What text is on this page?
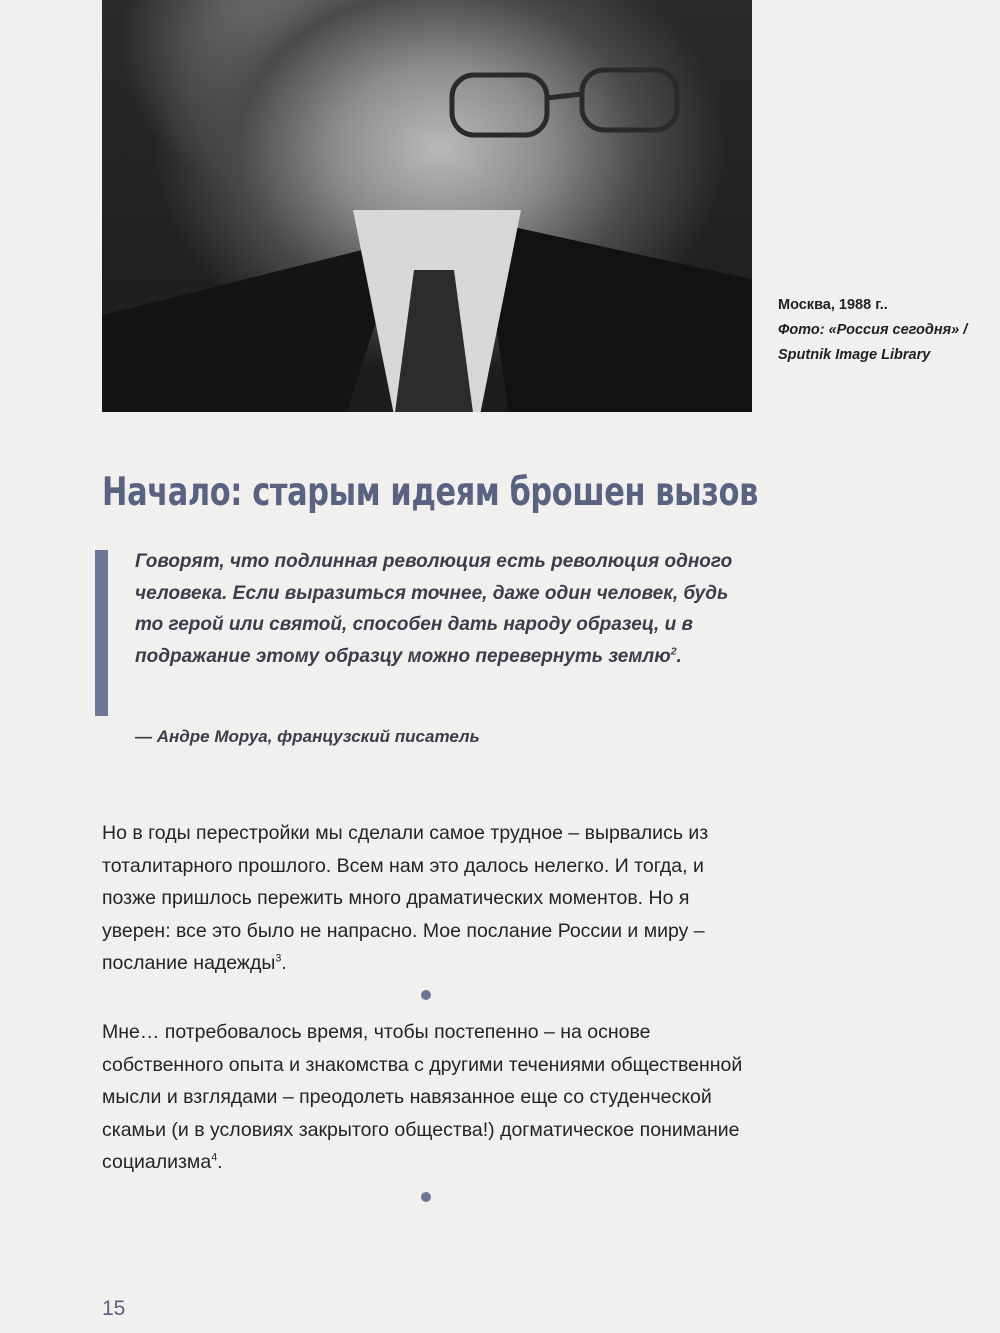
Москва, 1988 г..
Фото: «Россия сегодня» / Sputnik Image Library
Начало: старым идеям брошен вызов

Говорят, что подлинная революция есть революция одного человека. Если выразиться точнее, даже один человек, будь то герой или святой, способен дать народу образец, и в подражание этому образцу можно перевернуть землю$^2$.

— Андре Моруа, французский писатель

Но в годы перестройки мы сделали самое трудное – вырвались из тоталитарного прошлого. Всем нам это далось нелегко. И тогда, и позже пришлось пережить много драматических моментов. Но я уверен: все это было не напрасно. Мое послание России и миру – послание надежды$^3$.

Мне… потребовалось время, чтобы постепенно – на основе собственного опыта и знакомства с другими течениями общественной мысли и взглядами – преодолеть навязанное еще со студенческой скамьи (и в условиях закрытого общества!) догматическое понимание социализма$^4$.

15
